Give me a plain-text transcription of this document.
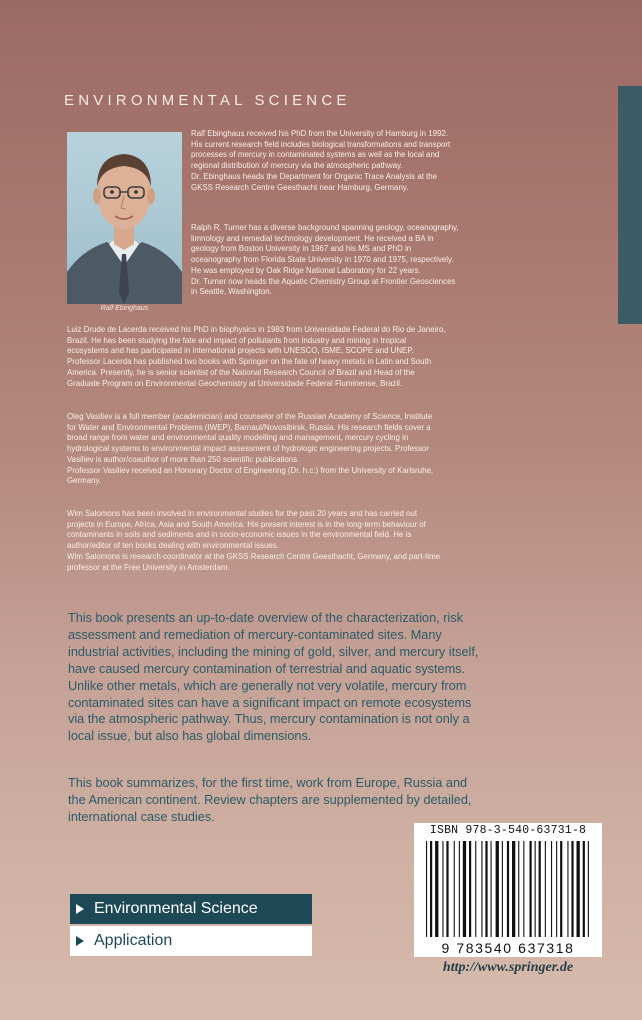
ENVIRONMENTAL SCIENCE
Ralf Ebinghaus

Ralf Ebinghaus received his PhD from the University of Hamburg in 1992.

His current research field includes biological transformations and transport

processes of mercury in contaminated systems as well as the local and

regional distribution of mercury via the atmospheric pathway.

Dr. Ebinghaus heads the Department for Organic Trace Analysis at the

GKSS Research Centre Geesthacht near Hamburg, Germany.

Ralph R. Turner has a diverse background spanning geology, oceanography,

limnology and remedial technology development. He received a BA in

geology from Boston University in 1967 and his MS and PhD in

oceanography from Florida State University in 1970 and 1975, respectively.

He was employed by Oak Ridge National Laboratory for 22 years.

Dr. Turner now heads the Aquatic Chemistry Group at Frontier Geosciences

in Seattle, Washington.

Luiz Drude de Lacerda received his PhD in biophysics in 1983 from Universidade Federal do Rio de Janeiro,

Brazil. He has been studying the fate and impact of pollutants from industry and mining in tropical

ecosystems and has participated in international projects with UNESCO, ISME, SCOPE and UNEP.

Professor Lacerda has published two books with Springer on the fate of heavy metals in Latin and South

America. Presently, he is senior scientist of the National Research Council of Brazil and Head of the

Graduate Program on Environmental Geochemistry at Universidade Federal Fluminense, Brazil.

Oleg Vasiliev is a full member (academician) and counselor of the Russian Academy of Science, Institute

for Water and Environmental Problems (IWEP), Barnaul/Novosibirsk, Russia. His research fields cover a

broad range from water and environmental quality modelling and management, mercury cycling in

hydrological systems to environmental impact assessment of hydrologic engineering projects. Professor

Vasiliev is author/coauthor of more than 250 scientific publications.

Professor Vasiliev received an Honorary Doctor of Engineering (Dr. h.c.) from the University of Karlsruhe,

Germany.

Wim Salomons has been involved in environmental studies for the past 20 years and has carried out

projects in Europe, Africa, Asia and South America. His present interest is in the long-term behaviour of

contaminants in soils and sediments and in socio-economic issues in the environmental field. He is

author/editor of ten books dealing with environmental issues.

Wim Salomons is research coordinator at the GKSS Research Centre Geesthacht, Germany, and part-time

professor at the Free University in Amsterdam.

This book presents an up-to-date overview of the characterization, risk

assessment and remediation of mercury-contaminated sites. Many

industrial activities, including the mining of gold, silver, and mercury itself,

have caused mercury contamination of terrestrial and aquatic systems.

Unlike other metals, which are generally not very volatile, mercury from

contaminated sites can have a significant impact on remote ecosystems

via the atmospheric pathway. Thus, mercury contamination is not only a

local issue, but also has global dimensions.

This book summarizes, for the first time, work from Europe, Russia and

the American continent. Review chapters are supplemented by detailed,

international case studies.

Environmental Science
Application
ISBN 978-3-540-63731-8
9 783540 637318
http://www.springer.de
